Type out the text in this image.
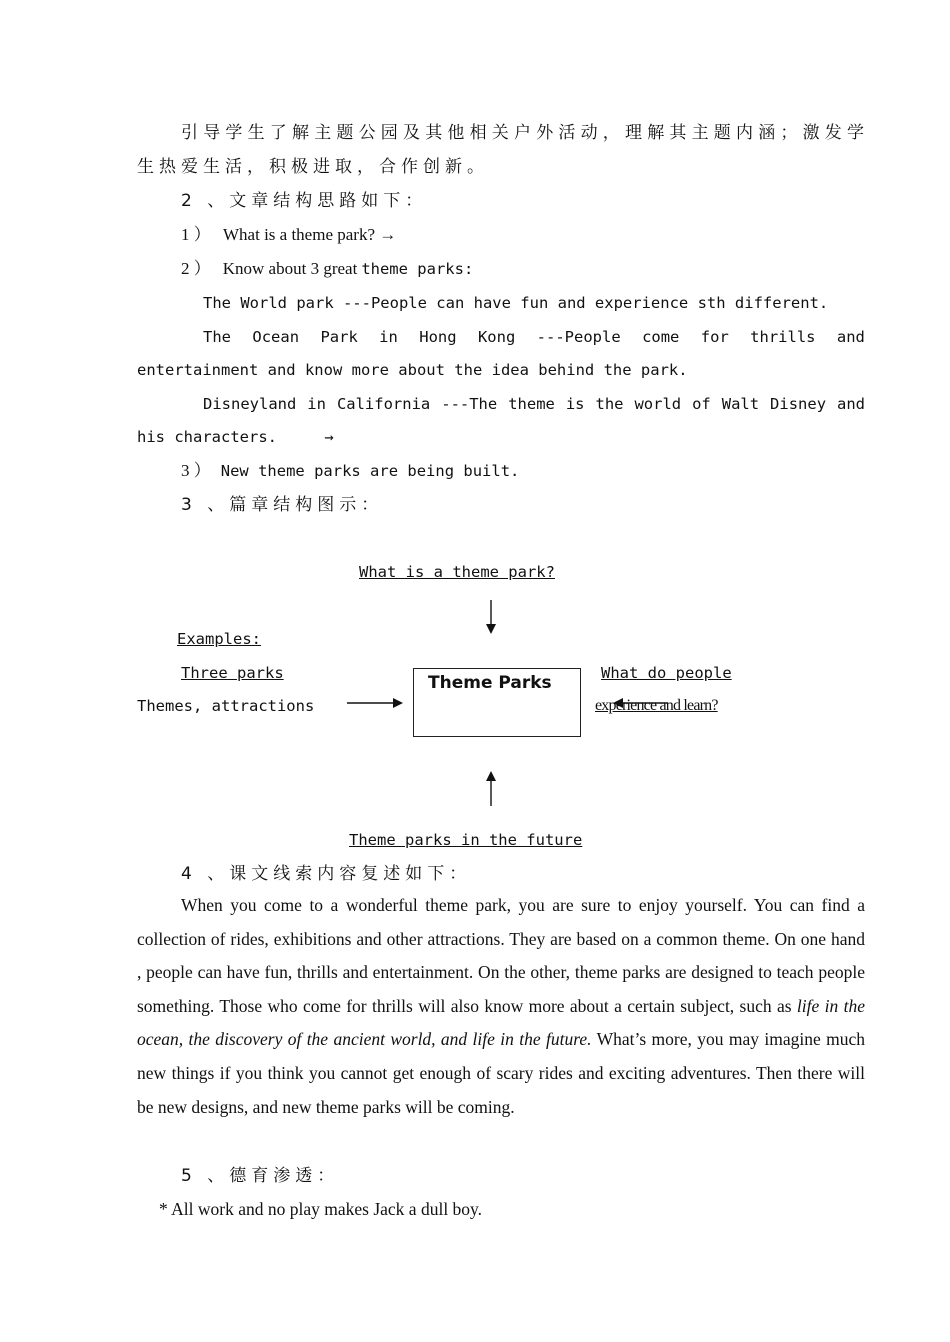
引导学生了解主题公园及其他相关户外活动，理解其主题内涵；激发学
生热爱生活，积极进取，合作创新。
2 、文章结构思路如下：
1 ） What is a theme park? →
2 ） Know about 3 great theme parks:
The World park ---People can have fun and experience sth different.
The Ocean Park in Hong Kong ---People come for thrills and
entertainment and know more about the idea behind the park.
Disneyland in California ---The theme is the world of Walt Disney and
his characters.	→
3 ） New theme parks are being built.
3 、篇章结构图示：
What is a theme park?
Examples:
Three parks
Themes, attractions
Theme Parks	What do people
experience and learn?
Theme parks in the future
4 、课文线索内容复述如下：
When you come to a wonderful theme park, you are sure to enjoy yourself. You can find a collection of rides, exhibitions and other attractions. They are based on a common theme. On one hand , people can have fun, thrills and entertainment. On the other, theme parks are designed to teach people something. Those who come for thrills will also know more about a certain subject, such as life in the ocean, the discovery of the ancient world, and life in the future. What’s more, you may imagine much new things if you think you cannot get enough of scary rides and exciting adventures. Then there will be new designs, and new theme parks will be coming.
5 、德育渗透：
* All work and no play makes Jack a dull boy.
